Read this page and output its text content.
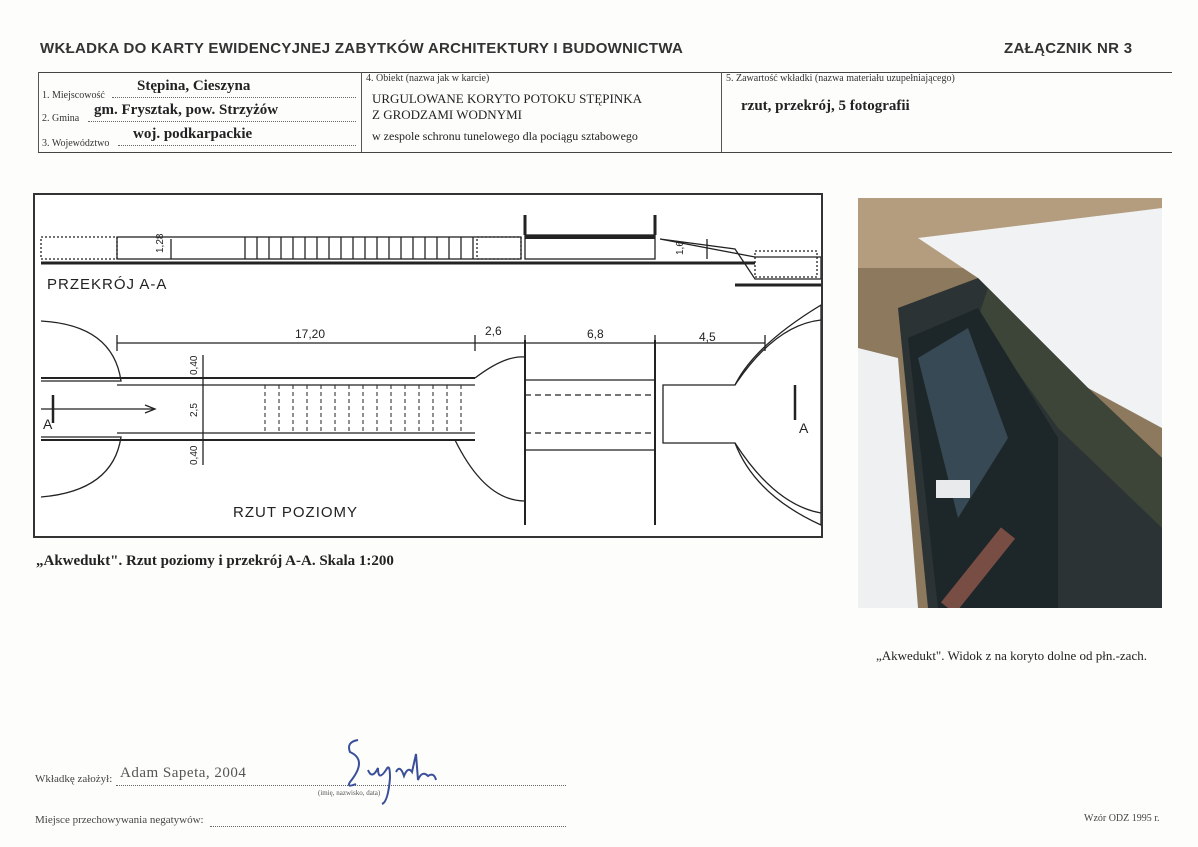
WKŁADKA DO KARTY EWIDENCYJNEJ ZABYTKÓW ARCHITEKTURY I BUDOWNICTWA	ZAŁĄCZNIK NR 3
1. Miejscowość
Stępina, Cieszyna
2. Gmina
gm. Frysztak, pow. Strzyżów
3. Województwo
woj. podkarpackie
4. Obiekt (nazwa jak w karcie)
URGULOWANE KORYTO POTOKU STĘPINKA
Z GRODZAMI WODNYMI
w zespole schronu tunelowego dla pociągu sztabowego
5. Zawartość wkładki (nazwa materiału uzupełniającego)
rzut, przekrój, 5 fotografii
PRZEKRÓJ A-A
RZUT POZIOMY
17,20	2,6	6,8	4,5
1,28	1,6
0,40
2,5
0,40
A	A
„Akwedukt". Rzut poziomy i przekrój A-A. Skala 1:200
„Akwedukt". Widok z na koryto dolne od płn.-zach.
Wkładkę założył: Adam Sapeta, 2004
(imię, nazwisko, data)
Miejsce przechowywania negatywów:	Wzór ODZ 1995 r.
